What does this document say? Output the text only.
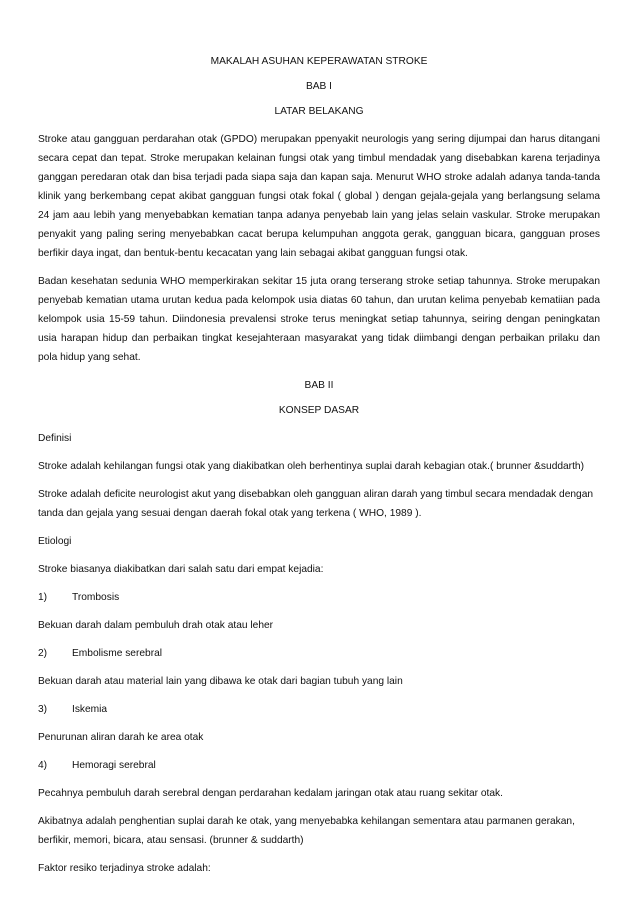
MAKALAH ASUHAN KEPERAWATAN STROKE

BAB I

LATAR BELAKANG

Stroke atau gangguan perdarahan otak (GPDO) merupakan ppenyakit neurologis yang sering dijumpai dan harus ditangani secara cepat dan tepat. Stroke merupakan kelainan fungsi otak yang timbul mendadak yang disebabkan karena terjadinya ganggan peredaran otak dan bisa terjadi pada siapa saja dan kapan saja. Menurut WHO stroke adalah adanya tanda-tanda klinik yang berkembang cepat akibat gangguan fungsi otak fokal ( global ) dengan gejala-gejala yang berlangsung selama 24 jam aau lebih yang menyebabkan kematian tanpa adanya penyebab lain yang jelas selain vaskular. Stroke merupakan penyakit yang paling sering menyebabkan cacat berupa kelumpuhan anggota gerak, gangguan bicara, gangguan proses berfikir daya ingat, dan bentuk-bentu kecacatan yang lain sebagai akibat gangguan fungsi otak.

Badan kesehatan sedunia WHO memperkirakan sekitar 15 juta orang terserang stroke setiap tahunnya. Stroke merupakan penyebab kematian utama urutan kedua pada kelompok usia diatas 60 tahun, dan urutan kelima penyebab kematiian pada kelompok usia 15-59 tahun. Diindonesia prevalensi stroke terus meningkat setiap tahunnya, seiring dengan peningkatan usia harapan hidup dan perbaikan tingkat kesejahteraan masyarakat yang tidak diimbangi dengan perbaikan prilaku dan pola hidup yang sehat.

BAB II

KONSEP DASAR

Definisi

Stroke adalah kehilangan fungsi otak yang diakibatkan oleh berhentinya suplai darah kebagian otak.( brunner &suddarth)

Stroke adalah deficite neurologist akut yang disebabkan oleh gangguan aliran darah yang timbul secara mendadak dengan tanda dan gejala yang sesuai dengan daerah fokal otak yang terkena ( WHO, 1989 ).

Etiologi

Stroke biasanya diakibatkan dari salah satu dari empat kejadia:

1)	Trombosis

Bekuan darah dalam pembuluh drah otak atau leher

2)	Embolisme serebral

Bekuan darah atau material lain yang dibawa ke otak dari bagian tubuh yang lain

3)	Iskemia

Penurunan aliran darah ke area otak

4)	Hemoragi serebral

Pecahnya pembuluh darah serebral dengan perdarahan kedalam jaringan otak atau ruang sekitar otak.

Akibatnya adalah penghentian suplai darah ke otak, yang menyebabka kehilangan sementara atau parmanen gerakan, berfikir, memori, bicara, atau sensasi. (brunner & suddarth)

Faktor resiko terjadinya stroke adalah:
